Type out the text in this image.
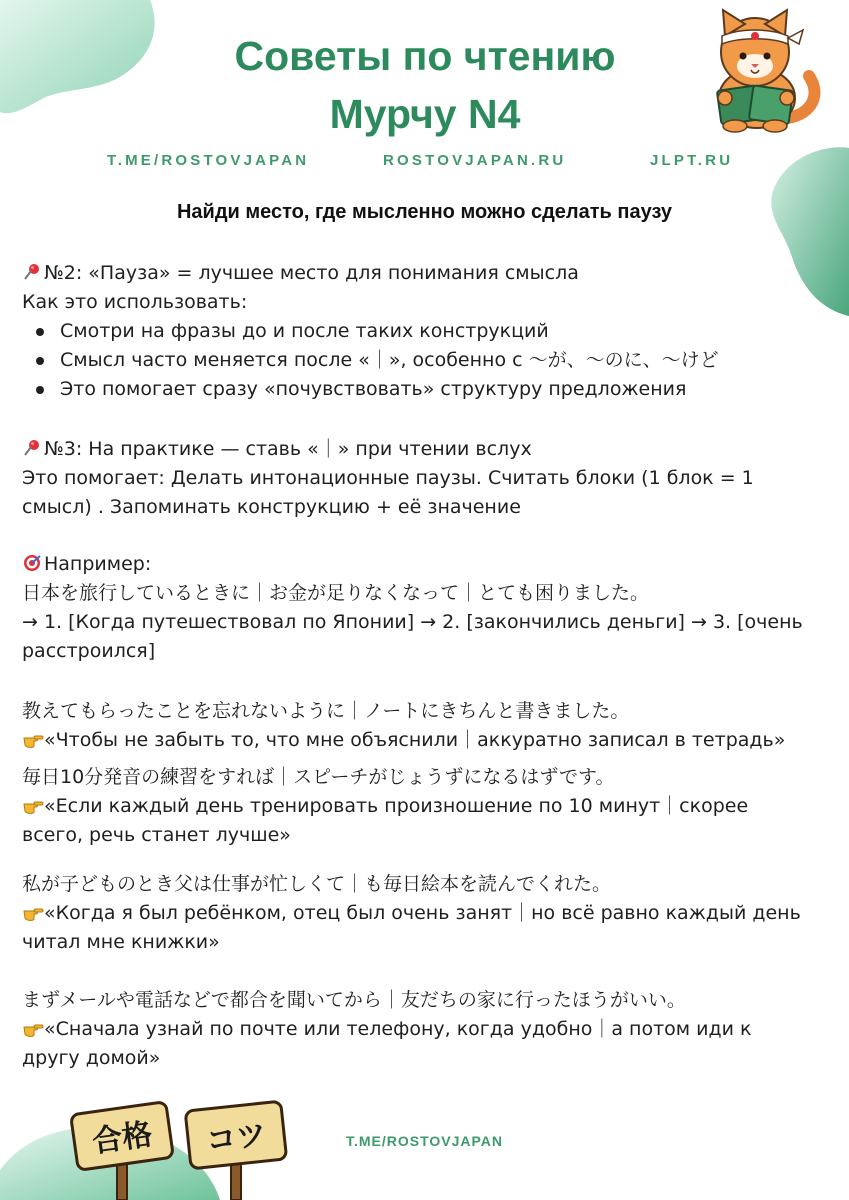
Советы по чтению
Мурчу N4
T.ME/ROSTOVJAPAN	ROSTOVJAPAN.RU	JLPT.RU
Найди место, где мысленно можно сделать паузу
№2: «Пауза» = лучшее место для понимания смысла
Как это использовать:
Смотри на фразы до и после таких конструкций
Смысл часто меняется после «｜», особенно с 〜が、〜のに、〜けど
Это помогает сразу «почувствовать» структуру предложения
№3: На практике — ставь «｜» при чтении вслух
Это помогает: Делать интонационные паузы. Считать блоки (1 блок = 1 смысл) . Запоминать конструкцию + её значение
Например:
日本を旅行しているときに｜お金が足りなくなって｜とても困りました。
→ 1. [Когда путешествовал по Японии] → 2. [закончились деньги] → 3. [очень расстроился]
教えてもらったことを忘れないように｜ノートにきちんと書きました。
«Чтобы не забыть то, что мне объяснили｜аккуратно записал в тетрадь»
毎日10分発音の練習をすれば｜スピーチがじょうずになるはずです。
«Если каждый день тренировать произношение по 10 минут｜скорее всего, речь станет лучше»
私が子どものとき父は仕事が忙しくて｜も毎日絵本を読んでくれた。
«Когда я был ребёнком, отец был очень занят｜но всё равно каждый день читал мне книжки»
まずメールや電話などで都合を聞いてから｜友だちの家に行ったほうがいい。
«Сначала узнай по почте или телефону, когда удобно｜а потом иди к другу домой»
合格 コツ	T.ME/ROSTOVJAPAN
